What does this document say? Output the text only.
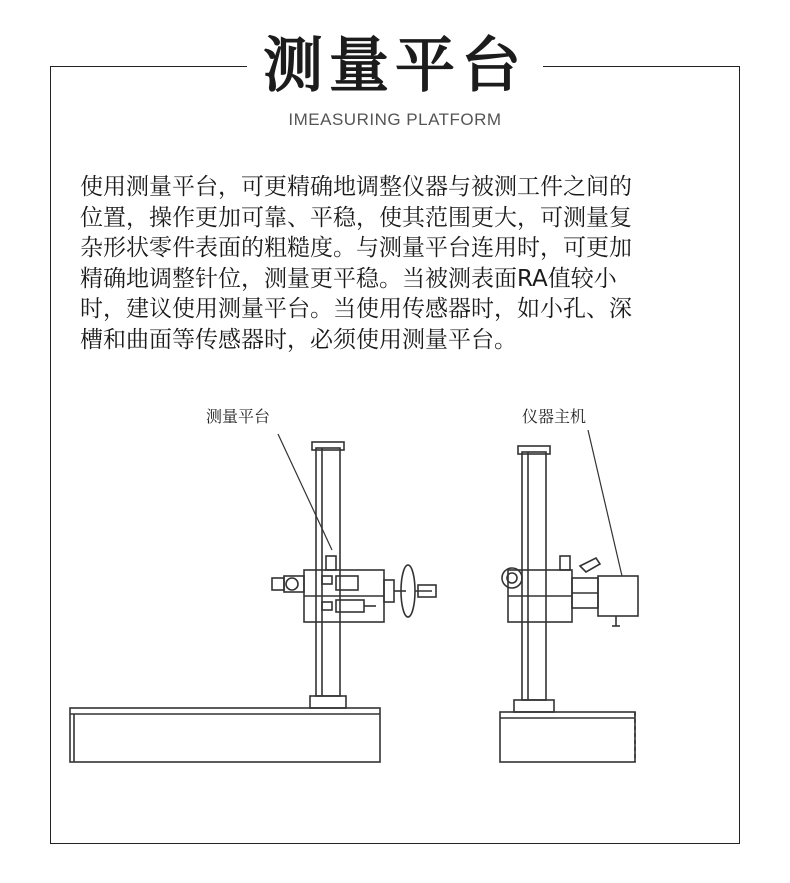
测量平台
IMEASURING PLATFORM
使用测量平台，可更精确地调整仪器与被测工件之间的
位置，操作更加可靠、平稳，使其范围更大，可测量复
杂形状零件表面的粗糙度。与测量平台连用时，可更加
精确地调整针位，测量更平稳。当被测表面RA值较小
时，建议使用测量平台。当使用传感器时，如小孔、深
槽和曲面等传感器时，必须使用测量平台。
测量平台	仪器主机
